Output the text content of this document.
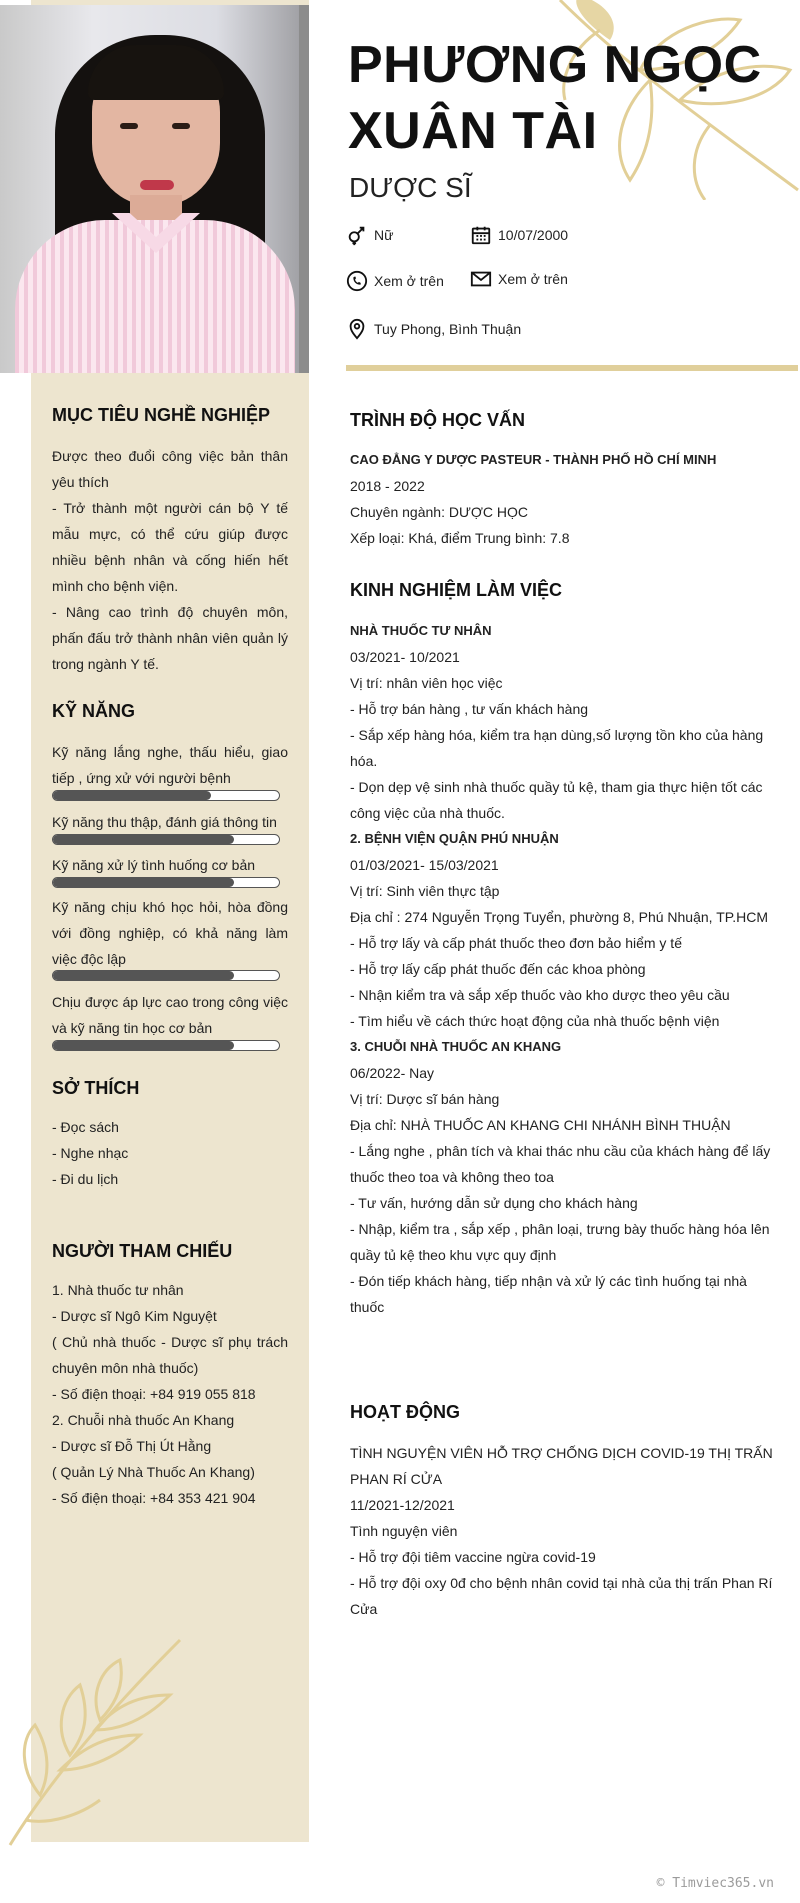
PHƯƠNG NGỌC
XUÂN TÀI

DƯỢC SĨ

Nữ	10/07/2000
Xem ở trên	Xem ở trên
Tuy Phong, Bình Thuận
MỤC TIÊU NGHỀ NGHIỆP

Được theo đuổi công việc bản thân yêu thích
- Trở thành một người cán bộ Y tế mẫu mực, có thể cứu giúp được nhiều bệnh nhân và cống hiến hết mình cho bệnh viện.
- Nâng cao trình độ chuyên môn, phấn đấu trở thành nhân viên quản lý trong ngành Y tế.

KỸ NĂNG

Kỹ năng lắng nghe, thấu hiểu, giao tiếp , ứng xử với người bệnh

Kỹ năng thu thập, đánh giá thông tin

Kỹ năng xử lý tình huống cơ bản

Kỹ năng chịu khó học hỏi, hòa đồng với đồng nghiệp, có khả năng làm việc độc lập

Chịu được áp lực cao trong công việc và kỹ năng tin học cơ bản

SỞ THÍCH

- Đọc sách

- Nghe nhạc

- Đi du lịch

NGƯỜI THAM CHIẾU
1. Nhà thuốc tư nhân
- Dược sĩ Ngô Kim Nguyệt
( Chủ nhà thuốc - Dược sĩ phụ trách chuyên môn nhà thuốc)
- Số điện thoại: +84 919 055 818
2. Chuỗi nhà thuốc An Khang
- Dược sĩ Đỗ Thị Út Hằng
( Quản Lý Nhà Thuốc An Khang)
- Số điện thoại: +84 353 421 904
TRÌNH ĐỘ HỌC VẤN
CAO ĐẲNG Y DƯỢC PASTEUR - THÀNH PHỐ HỒ CHÍ MINH
2018 - 2022
Chuyên ngành: DƯỢC HỌC
Xếp loại: Khá, điểm Trung bình: 7.8
KINH NGHIỆM LÀM VIỆC
NHÀ THUỐC TƯ NHÂN
03/2021- 10/2021
Vị trí: nhân viên học việc
- Hỗ trợ bán hàng , tư vấn khách hàng
- Sắp xếp hàng hóa, kiểm tra hạn dùng,số lượng tồn kho của hàng hóa.
- Dọn dẹp vệ sinh nhà thuốc quầy tủ kệ, tham gia thực hiện tốt các công việc của nhà thuốc.
2. BỆNH VIỆN QUẬN PHÚ NHUẬN
01/03/2021- 15/03/2021
Vị trí: Sinh viên thực tập
Địa chỉ : 274 Nguyễn Trọng Tuyển, phường 8, Phú Nhuận, TP.HCM
- Hỗ trợ lấy và cấp phát thuốc theo đơn bảo hiểm y tế
- Hỗ trợ lấy cấp phát thuốc đến các khoa phòng
- Nhận kiểm tra và sắp xếp thuốc vào kho dược theo yêu cầu
- Tìm hiểu về cách thức hoạt động của nhà thuốc bệnh viện
3. CHUỖI NHÀ THUỐC AN KHANG
06/2022- Nay
Vị trí: Dược sĩ bán hàng
Địa chỉ: NHÀ THUỐC AN KHANG CHI NHÁNH BÌNH THUẬN
- Lắng nghe , phân tích và khai thác nhu cầu của khách hàng để lấy thuốc theo toa và không theo toa
- Tư vấn, hướng dẫn sử dụng cho khách hàng
- Nhập, kiểm tra , sắp xếp , phân loại, trưng bày thuốc hàng hóa lên quầy tủ kệ theo khu vực quy định
- Đón tiếp khách hàng, tiếp nhận và xử lý các tình huống tại nhà thuốc
HOẠT ĐỘNG
TÌNH NGUYỆN VIÊN HỖ TRỢ CHỐNG DỊCH COVID-19 THỊ TRẤN PHAN RÍ CỬA
11/2021-12/2021
Tình nguyện viên
- Hỗ trợ đội tiêm vaccine ngừa covid-19
- Hỗ trợ đội oxy 0đ cho bệnh nhân covid tại nhà của thị trấn Phan Rí Cửa
© Timviec365.vn
